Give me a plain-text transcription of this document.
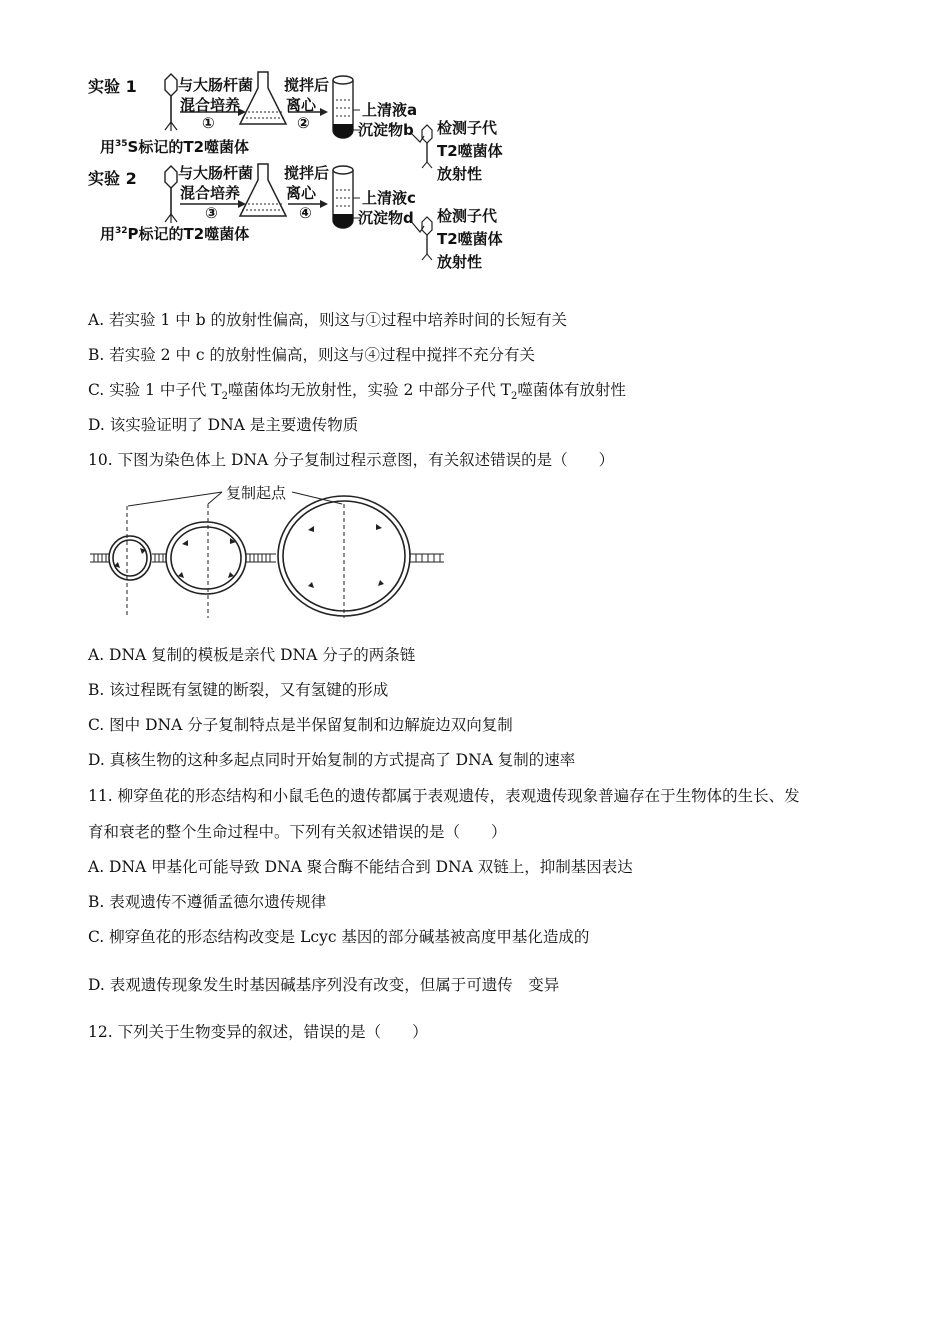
实验 1	与大肠杆菌
混合培养
①
搅拌后
离心
②
上清液a
沉淀物b 检测子代
T2噬菌体
放射性
用$^{35}$S标记的T2噬菌体
实验 2	与大肠杆菌
混合培养
③
搅拌后
离心
④
上清液c
沉淀物d 检测子代
T2噬菌体
放射性
用$^{32}$P标记的T2噬菌体
A. 若实验 1 中 b 的放射性偏高，则这与①过程中培养时间的长短有关
B. 若实验 2 中 c 的放射性偏高，则这与④过程中搅拌不充分有关
C. 实验 1 中子代 $T_2$噬菌体均无放射性，实验 2 中部分子代 $T_2$噬菌体有放射性
D. 该实验证明了 DNA 是主要遗传物质
10. 下图为染色体上 DNA 分子复制过程示意图，有关叙述错误的是（　　）
复制起点
A. DNA 复制的模板是亲代 DNA 分子的两条链
B. 该过程既有氢键的断裂，又有氢键的形成
C. 图中 DNA 分子复制特点是半保留复制和边解旋边双向复制
D. 真核生物的这种多起点同时开始复制的方式提高了 DNA 复制的速率
11. 柳穿鱼花的形态结构和小鼠毛色的遗传都属于表观遗传，表观遗传现象普遍存在于生物体的生长、发
育和衰老的整个生命过程中。下列有关叙述错误的是（　　）
A. DNA 甲基化可能导致 DNA 聚合酶不能结合到 DNA 双链上，抑制基因表达
B. 表观遗传不遵循孟德尔遗传规律
C. 柳穿鱼花的形态结构改变是 Lcyc 基因的部分碱基被高度甲基化造成的
D. 表观遗传现象发生时基因碱基序列没有改变，但属于可遗传　变异
12. 下列关于生物变异的叙述，错误的是（　　）
